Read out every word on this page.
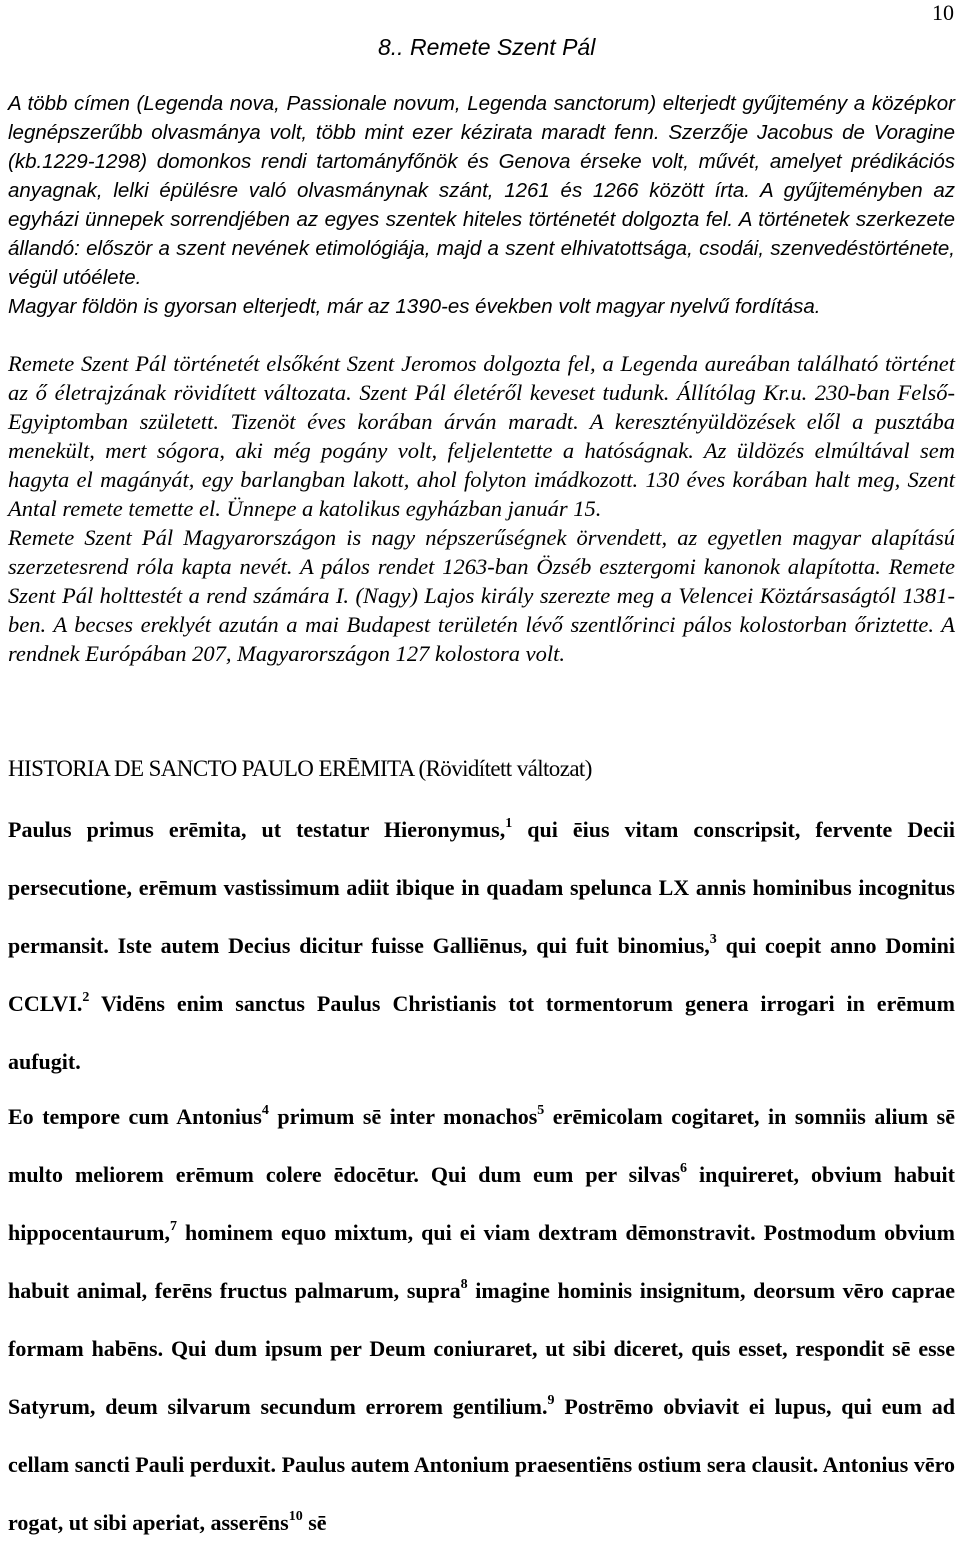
10
8.. Remete Szent Pál

A több címen (Legenda nova, Passionale novum, Legenda sanctorum) elterjedt gyűjtemény a középkor legnépszerűbb olvasmánya volt, több mint ezer kézirata maradt fenn. Szerzője Jacobus de Voragine (kb.1229-1298) domonkos rendi tartományfőnök és Genova érseke volt, művét, amelyet prédikációs anyagnak, lelki épülésre való olvasmánynak szánt, 1261 és 1266 között írta. A gyűjteményben az egyházi ünnepek sorrendjében az egyes szentek hiteles történetét dolgozta fel. A történetek szerkezete állandó: először a szent nevének etimológiája, majd a szent elhivatottsága, csodái, szenvedéstörténete, végül utóélete.

Magyar földön is gyorsan elterjedt, már az 1390-es években volt magyar nyelvű fordítása.

Remete Szent Pál történetét elsőként Szent Jeromos dolgozta fel, a Legenda aureában található történet az ő életrajzának rövidített változata. Szent Pál életéről keveset tudunk. Állítólag Kr.u. 230-ban Felső-Egyiptomban született. Tizenöt éves korában árván maradt. A keresztényüldözések elől a pusztába menekült, mert sógora, aki még pogány volt, feljelentette a hatóságnak. Az üldözés elmúltával sem hagyta el magányát, egy barlangban lakott, ahol folyton imádkozott. 130 éves korában halt meg, Szent Antal remete temette el. Ünnepe a katolikus egyházban január 15.

Remete Szent Pál Magyarországon is nagy népszerűségnek örvendett, az egyetlen magyar alapítású szerzetesrend róla kapta nevét. A pálos rendet 1263-ban Özséb esztergomi kanonok alapította. Remete Szent Pál holttestét a rend számára I. (Nagy) Lajos király szerezte meg a Velencei Köztársaságtól 1381-ben. A becses ereklyét azután a mai Budapest területén lévő szentlőrinci pálos kolostorban őriztette. A rendnek Európában 207, Magyarországon 127 kolostora volt.

HISTORIA DE SANCTO PAULO ERĒMITA (Rövidített változat)

Paulus primus erēmita, ut testatur Hieronymus,$^1$ qui ēius vitam conscripsit, fervente Decii persecutione, erēmum vastissimum adiit ibique in quadam spelunca LX annis hominibus incognitus permansit. Iste autem Decius dicitur fuisse Galliēnus, qui fuit binomius,$^3$ qui coepit anno Domini CCLVI.$^2$ Vidēns enim sanctus Paulus Christianis tot tormentorum genera irrogari in erēmum aufugit.

Eo tempore cum Antonius$^4$ primum sē inter monachos$^5$ erēmicolam cogitaret, in somniis alium sē multo meliorem erēmum colere ēdocētur. Qui dum eum per silvas$^6$ inquireret, obvium habuit hippocentaurum,$^7$ hominem equo mixtum, qui ei viam dextram dēmonstravit. Postmodum obvium habuit animal, ferēns fructus palmarum, supra$^8$ imagine hominis insignitum, deorsum vēro caprae formam habēns. Qui dum ipsum per Deum coniuraret, ut sibi diceret, quis esset, respondit sē esse Satyrum, deum silvarum secundum errorem gentilium.$^9$ Postrēmo obviavit ei lupus, qui eum ad cellam sancti Pauli perduxit. Paulus autem Antonium praesentiēns ostium sera clausit. Antonius vēro rogat, ut sibi aperiat, asserēns$^{10}$ sē
